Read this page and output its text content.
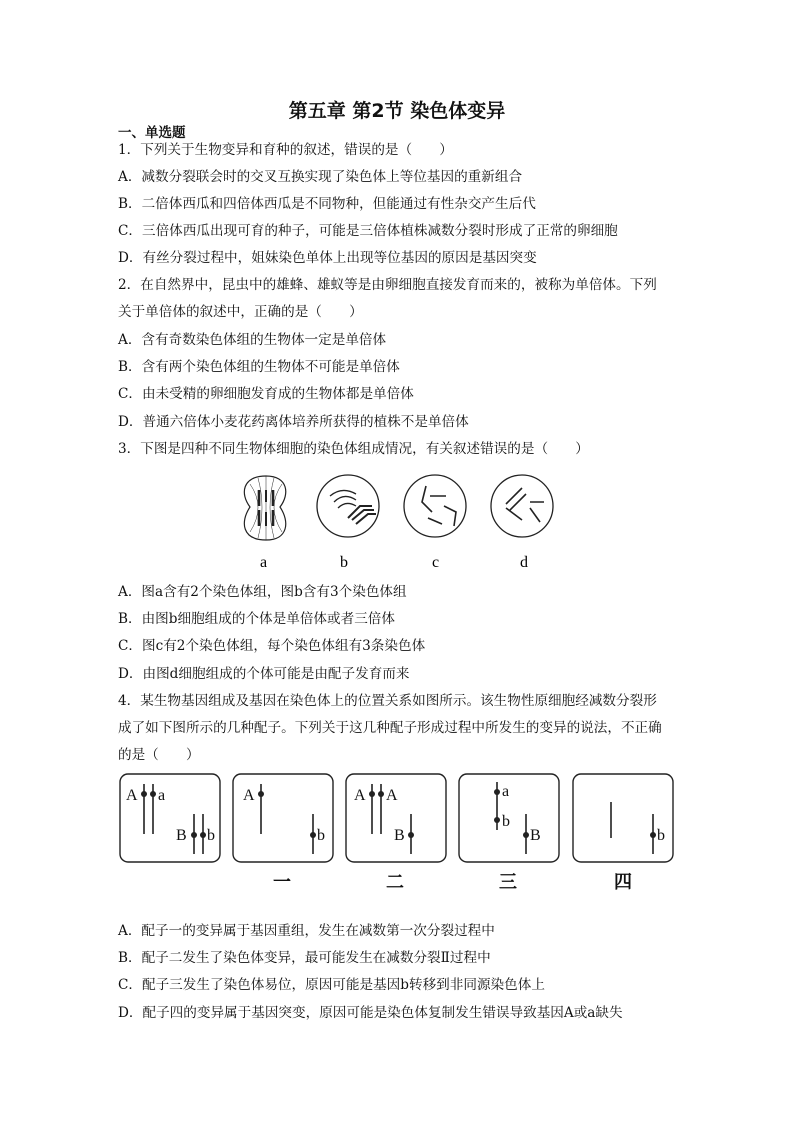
第五章 第2节 染色体变异
一、单选题
1．下列关于生物变异和育种的叙述，错误的是（　　）
A．减数分裂联会时的交叉互换实现了染色体上等位基因的重新组合
B．二倍体西瓜和四倍体西瓜是不同物种，但能通过有性杂交产生后代
C．三倍体西瓜出现可育的种子，可能是三倍体植株减数分裂时形成了正常的卵细胞
D．有丝分裂过程中，姐妹染色单体上出现等位基因的原因是基因突变
2．在自然界中，昆虫中的雄蜂、雄蚁等是由卵细胞直接发育而来的，被称为单倍体。下列
关于单倍体的叙述中，正确的是（　　）
A．含有奇数染色体组的生物体一定是单倍体
B．含有两个染色体组的生物体不可能是单倍体
C．由未受精的卵细胞发育成的生物体都是单倍体
D．普通六倍体小麦花药离体培养所获得的植株不是单倍体
3．下图是四种不同生物体细胞的染色体组成情况，有关叙述错误的是（　　）
a	b	c	d
A．图a含有2个染色体组，图b含有3个染色体组
B．由图b细胞组成的个体是单倍体或者三倍体
C．图c有2个染色体组，每个染色体组有3条染色体
D．由图d细胞组成的个体可能是由配子发育而来
4．某生物基因组成及基因在染色体上的位置关系如图所示。该生物性原细胞经减数分裂形
成了如下图所示的几种配子。下列关于这几种配子形成过程中所发生的变异的说法，不正确
的是（　　）
A a
B b
A
b
A A
B
a
b
B	b
一	二	三	四
A．配子一的变异属于基因重组，发生在减数第一次分裂过程中
B．配子二发生了染色体变异，最可能发生在减数分裂Ⅱ过程中
C．配子三发生了染色体易位，原因可能是基因b转移到非同源染色体上
D．配子四的变异属于基因突变，原因可能是染色体复制发生错误导致基因A或a缺失
